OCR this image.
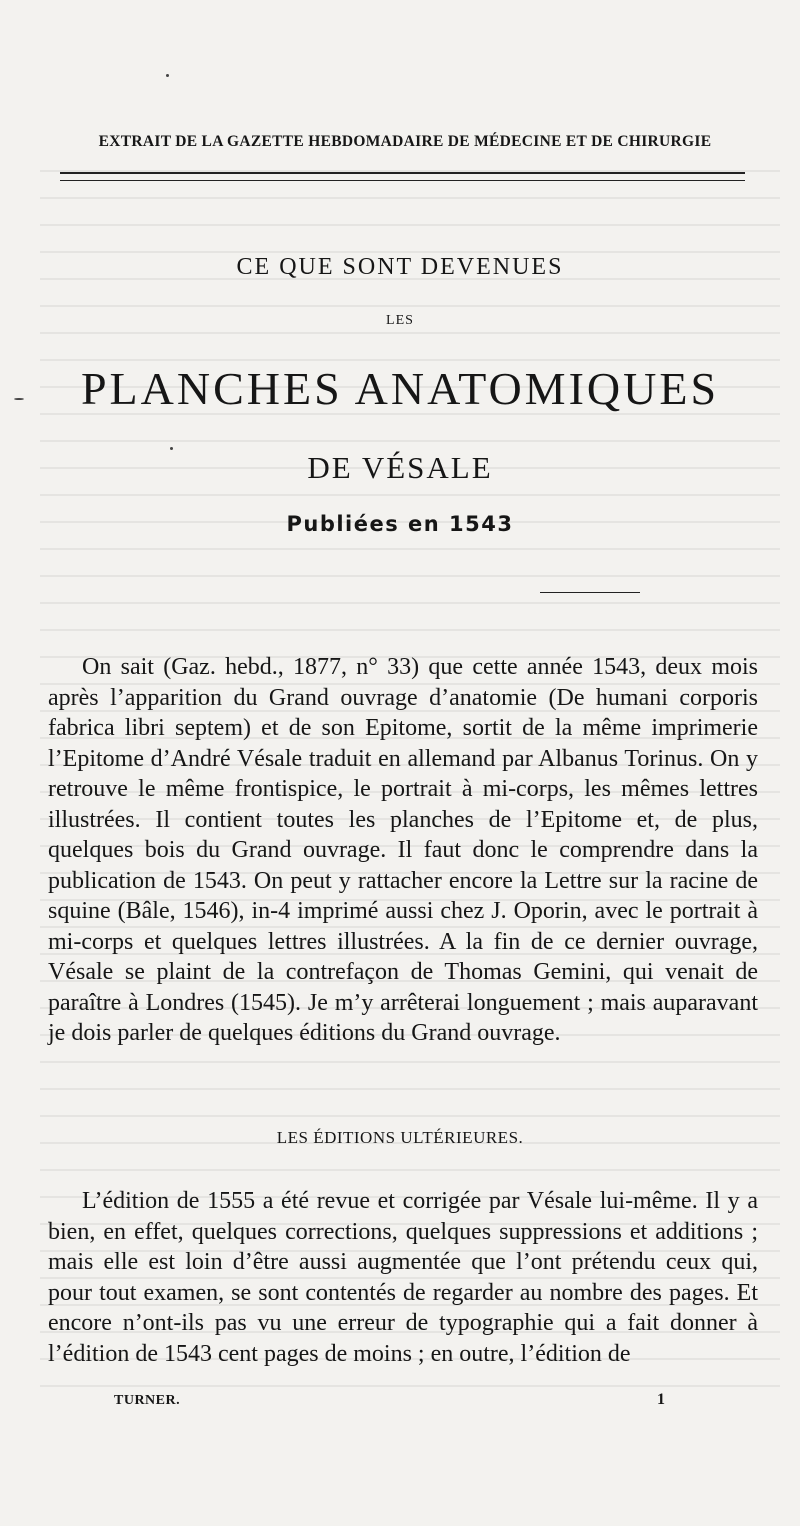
EXTRAIT DE LA GAZETTE HEBDOMADAIRE DE MÉDECINE ET DE CHIRURGIE
CE QUE SONT DEVENUES
LES
PLANCHES ANATOMIQUES
DE VÉSALE
Publiées en 1543

On sait (Gaz. hebd., 1877, n° 33) que cette année 1543, deux mois après l’apparition du Grand ouvrage d’anatomie (De humani corporis fabrica libri septem) et de son Epitome, sortit de la même imprimerie l’Epitome d’André Vésale traduit en allemand par Albanus Torinus. On y retrouve le même frontispice, le portrait à mi-corps, les mêmes lettres illustrées. Il contient toutes les planches de l’Epitome et, de plus, quelques bois du Grand ouvrage. Il faut donc le comprendre dans la publication de 1543. On peut y rattacher encore la Lettre sur la racine de squine (Bâle, 1546), in-4 imprimé aussi chez J. Oporin, avec le portrait à mi-corps et quelques lettres illustrées. A la fin de ce dernier ouvrage, Vésale se plaint de la contrefaçon de Thomas Gemini, qui venait de paraître à Londres (1545). Je m’y arrêterai longuement ; mais auparavant je dois parler de quelques éditions du Grand ouvrage.

LES ÉDITIONS ULTÉRIEURES.

L’édition de 1555 a été revue et corrigée par Vésale lui-même. Il y a bien, en effet, quelques corrections, quelques suppressions et additions ; mais elle est loin d’être aussi augmentée que l’ont prétendu ceux qui, pour tout examen, se sont contentés de regarder au nombre des pages. Et encore n’ont-ils pas vu une erreur de typographie qui a fait donner à l’édition de 1543 cent pages de moins ; en outre, l’édition de

TURNER.	1
